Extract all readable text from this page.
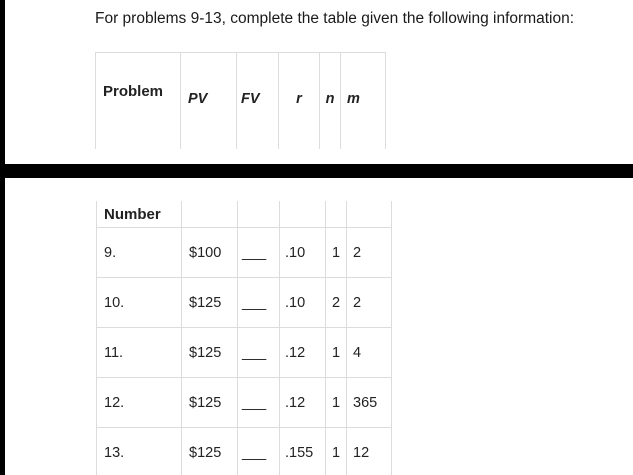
For problems 9-13, complete the table given the following information:
Problem	PV	FV	r	n	m
Number					
9.	$100	___	.10	1	2
10.	$125	___	.10	2	2
11.	$125	___	.12	1	4
12.	$125	___	.12	1	365
13.	$125	___	.155	1	12
